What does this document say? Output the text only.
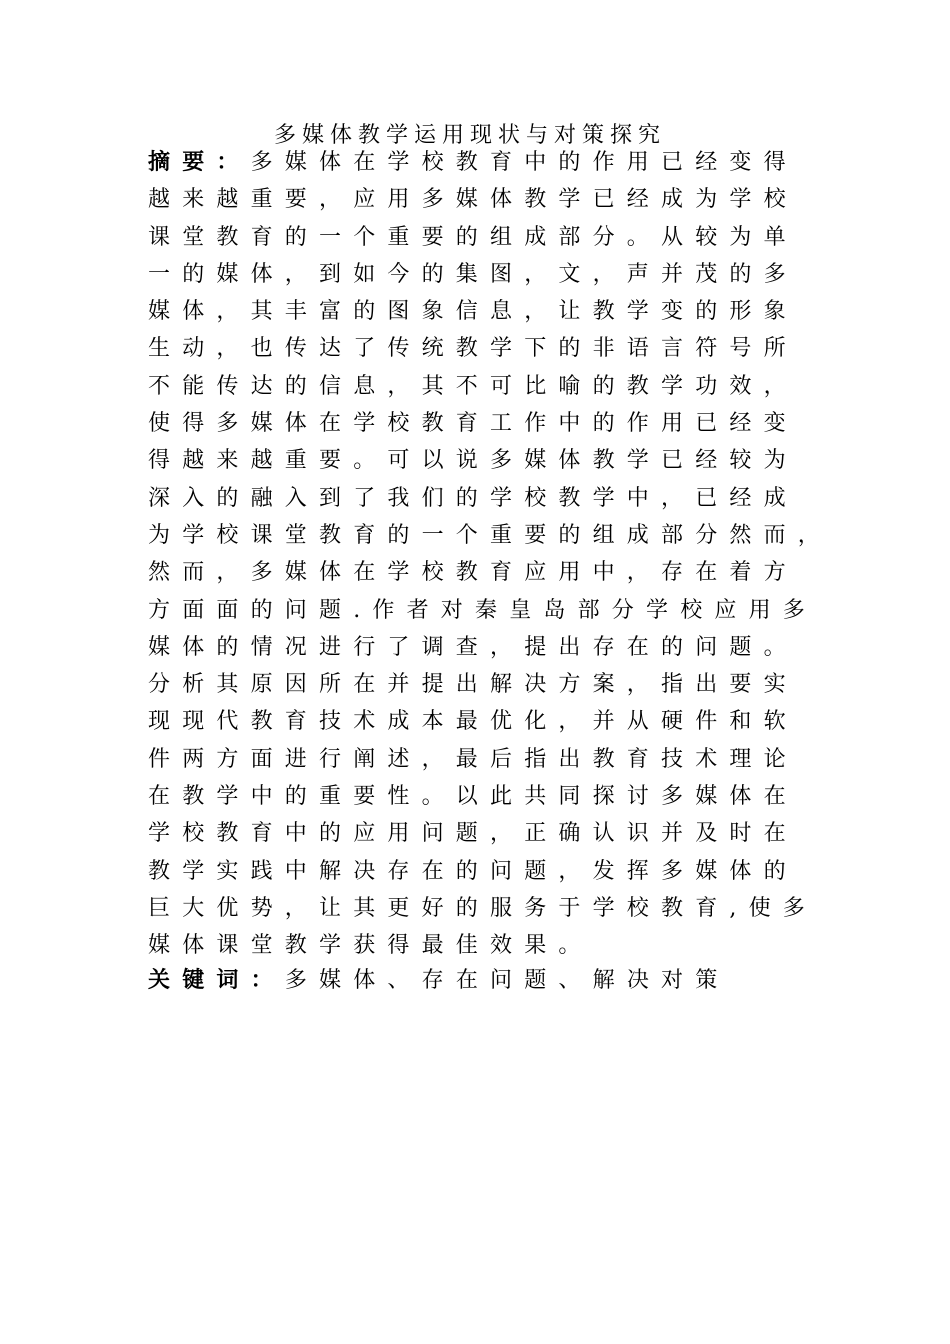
多媒体教学运用现状与对策探究
摘要：多媒体在学校教育中的作用已经变得
越来越重要，应用多媒体教学已经成为学校
课堂教育的一个重要的组成部分。从较为单
一的媒体，到如今的集图，文，声并茂的多
媒体，其丰富的图象信息，让教学变的形象
生动，也传达了传统教学下的非语言符号所
不能传达的信息，其不可比喻的教学功效，
使得多媒体在学校教育工作中的作用已经变
得越来越重要。可以说多媒体教学已经较为
深入的融入到了我们的学校教学中，已经成
为学校课堂教育的一个重要的组成部分然而，
然而，多媒体在学校教育应用中，存在着方
方面面的问题.作者对秦皇岛部分学校应用多
媒体的情况进行了调查，提出存在的问题。
分析其原因所在并提出解决方案，指出要实
现现代教育技术成本最优化，并从硬件和软
件两方面进行阐述，最后指出教育技术理论
在教学中的重要性。以此共同探讨多媒体在
学校教育中的应用问题，正确认识并及时在
教学实践中解决存在的问题，发挥多媒体的
巨大优势，让其更好的服务于学校教育,使多
媒体课堂教学获得最佳效果。
关键词：多媒体、存在问题、解决对策
